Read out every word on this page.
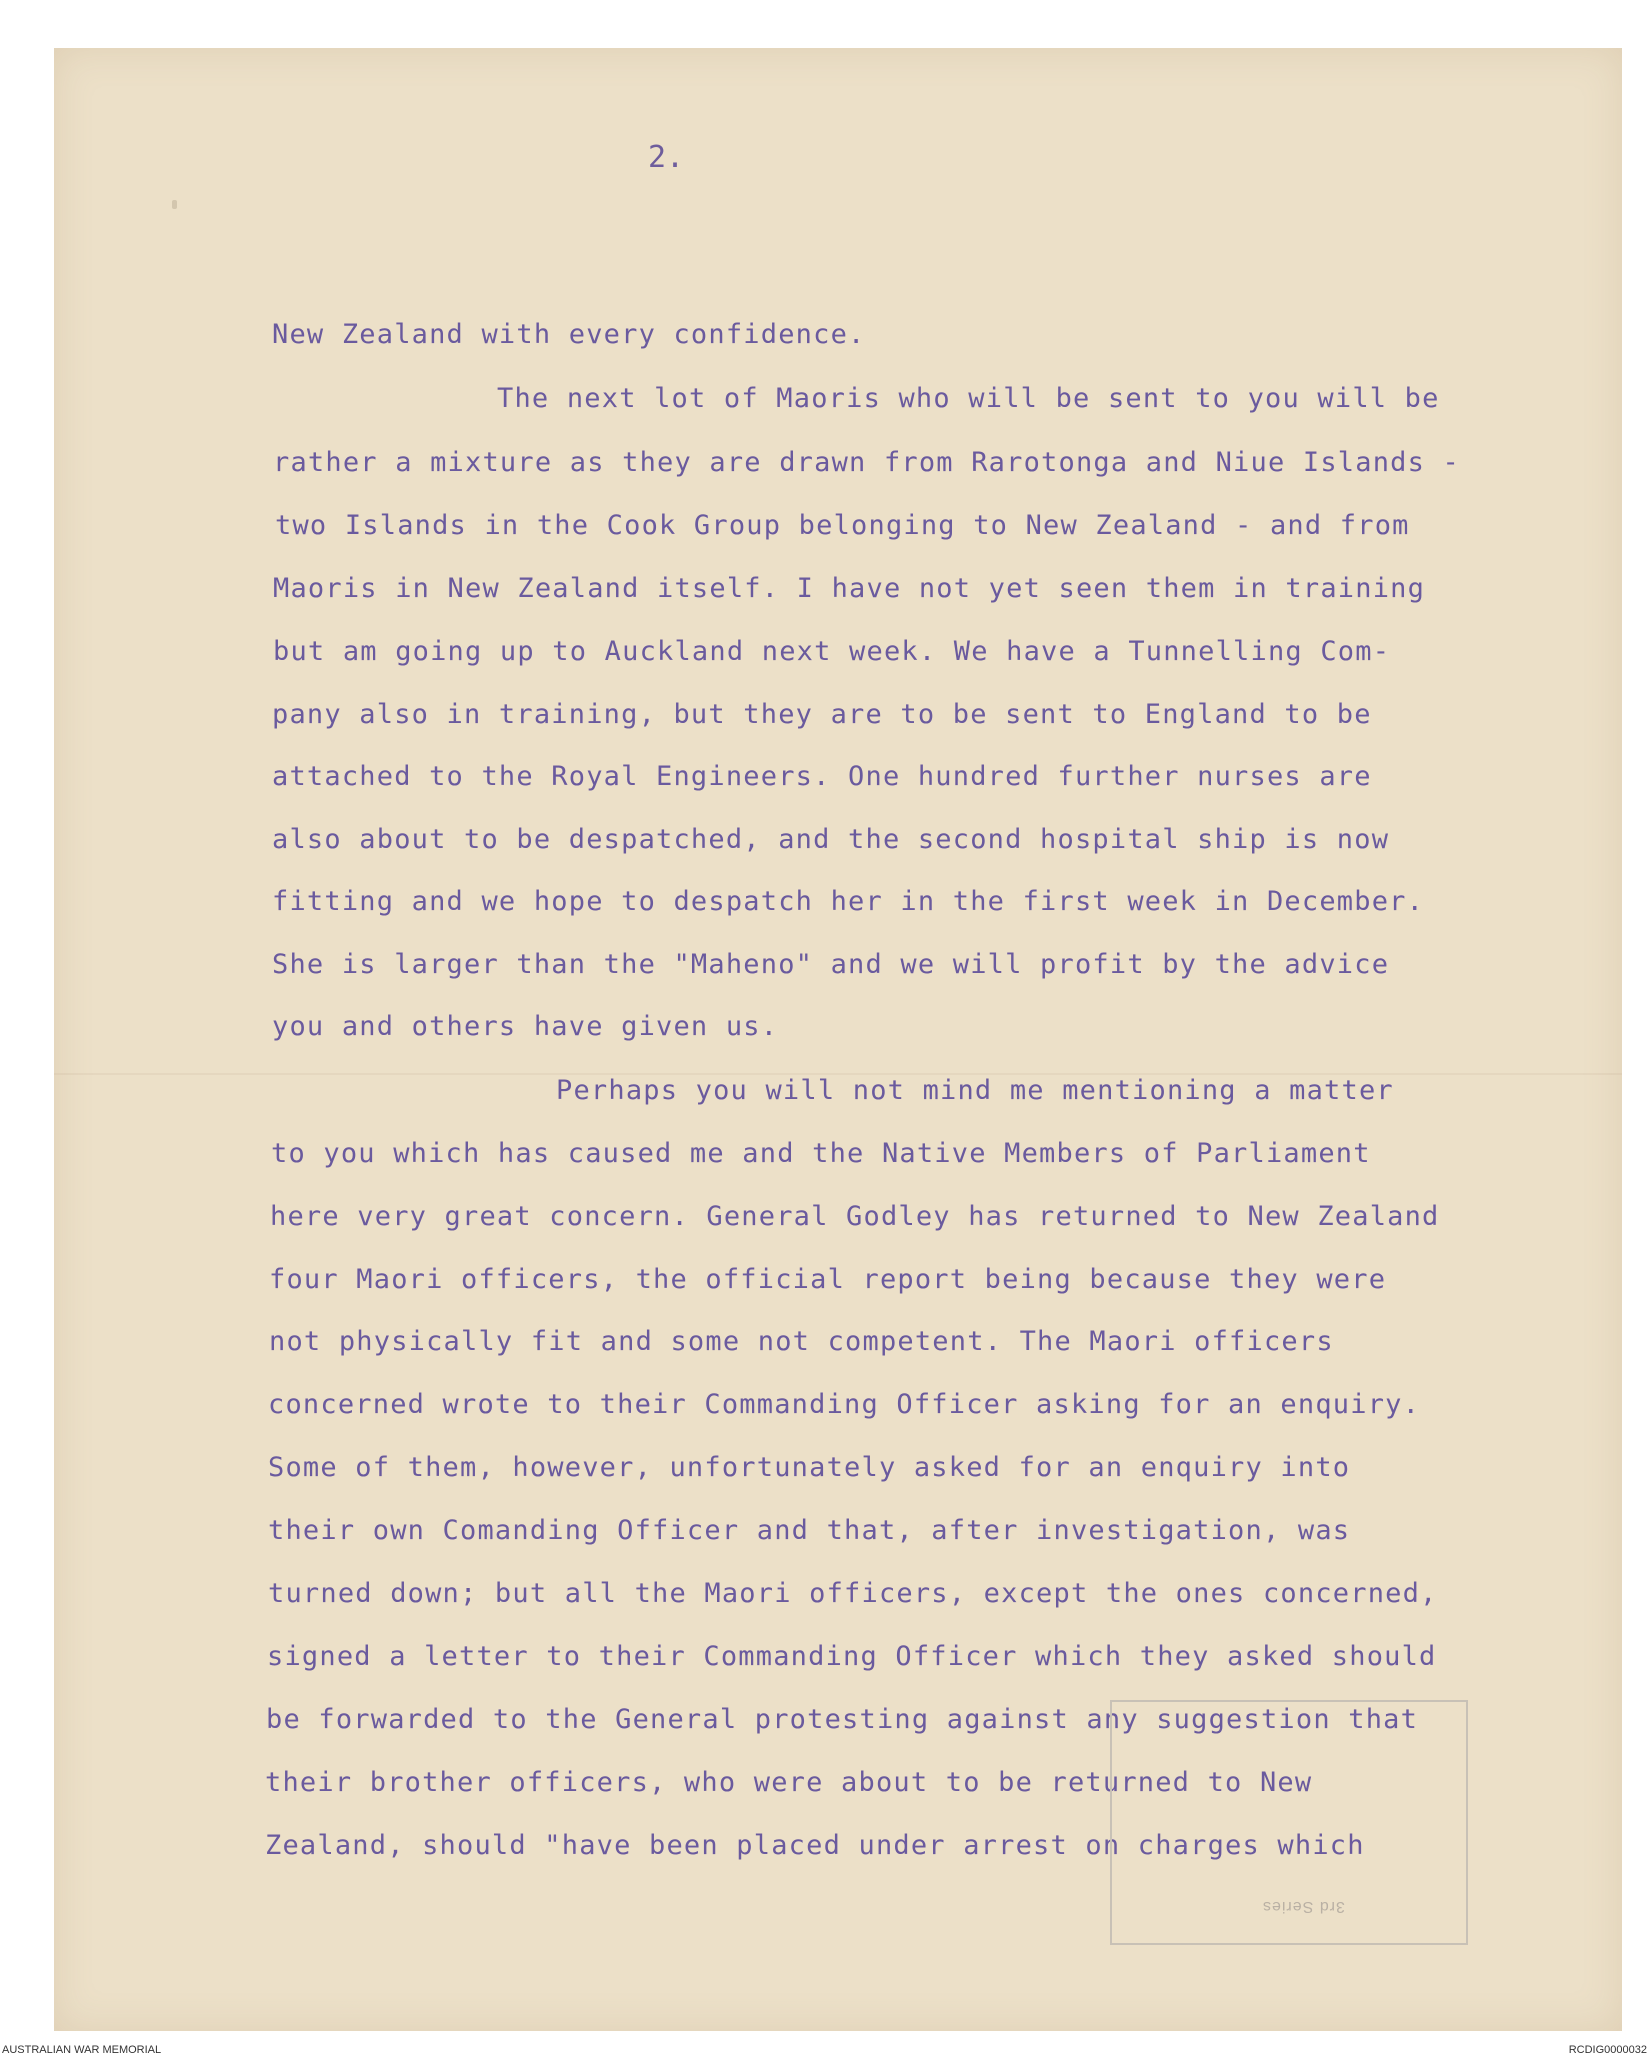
2.
New Zealand with every confidence.
The next lot of Maoris who will be sent to you will be
rather a mixture as they are drawn from Rarotonga and Niue Islands -
two Islands in the Cook Group belonging to New Zealand - and from
Maoris in New Zealand itself. I have not yet seen them in training
but am going up to Auckland next week. We have a Tunnelling Com-
pany also in training, but they are to be sent to England to be
attached to the Royal Engineers. One hundred further nurses are
also about to be despatched, and the second hospital ship is now
fitting and we hope to despatch her in the first week in December.
She is larger than the "Maheno" and we will profit by the advice
you and others have given us.
Perhaps you will not mind me mentioning a matter
to you which has caused me and the Native Members of Parliament
here very great concern. General Godley has returned to New Zealand
four Maori officers, the official report being because they were
not physically fit and some not competent. The Maori officers
concerned wrote to their Commanding Officer asking for an enquiry.
Some of them, however, unfortunately asked for an enquiry into
their own Comanding Officer and that, after investigation, was
turned down; but all the Maori officers, except the ones concerned,
signed a letter to their Commanding Officer which they asked should
be forwarded to the General protesting against any suggestion that
their brother officers, who were about to be returned to New
Zealand, should "have been placed under arrest on charges which
3rd Series
AUSTRALIAN WAR MEMORIAL	RCDIG0000032
